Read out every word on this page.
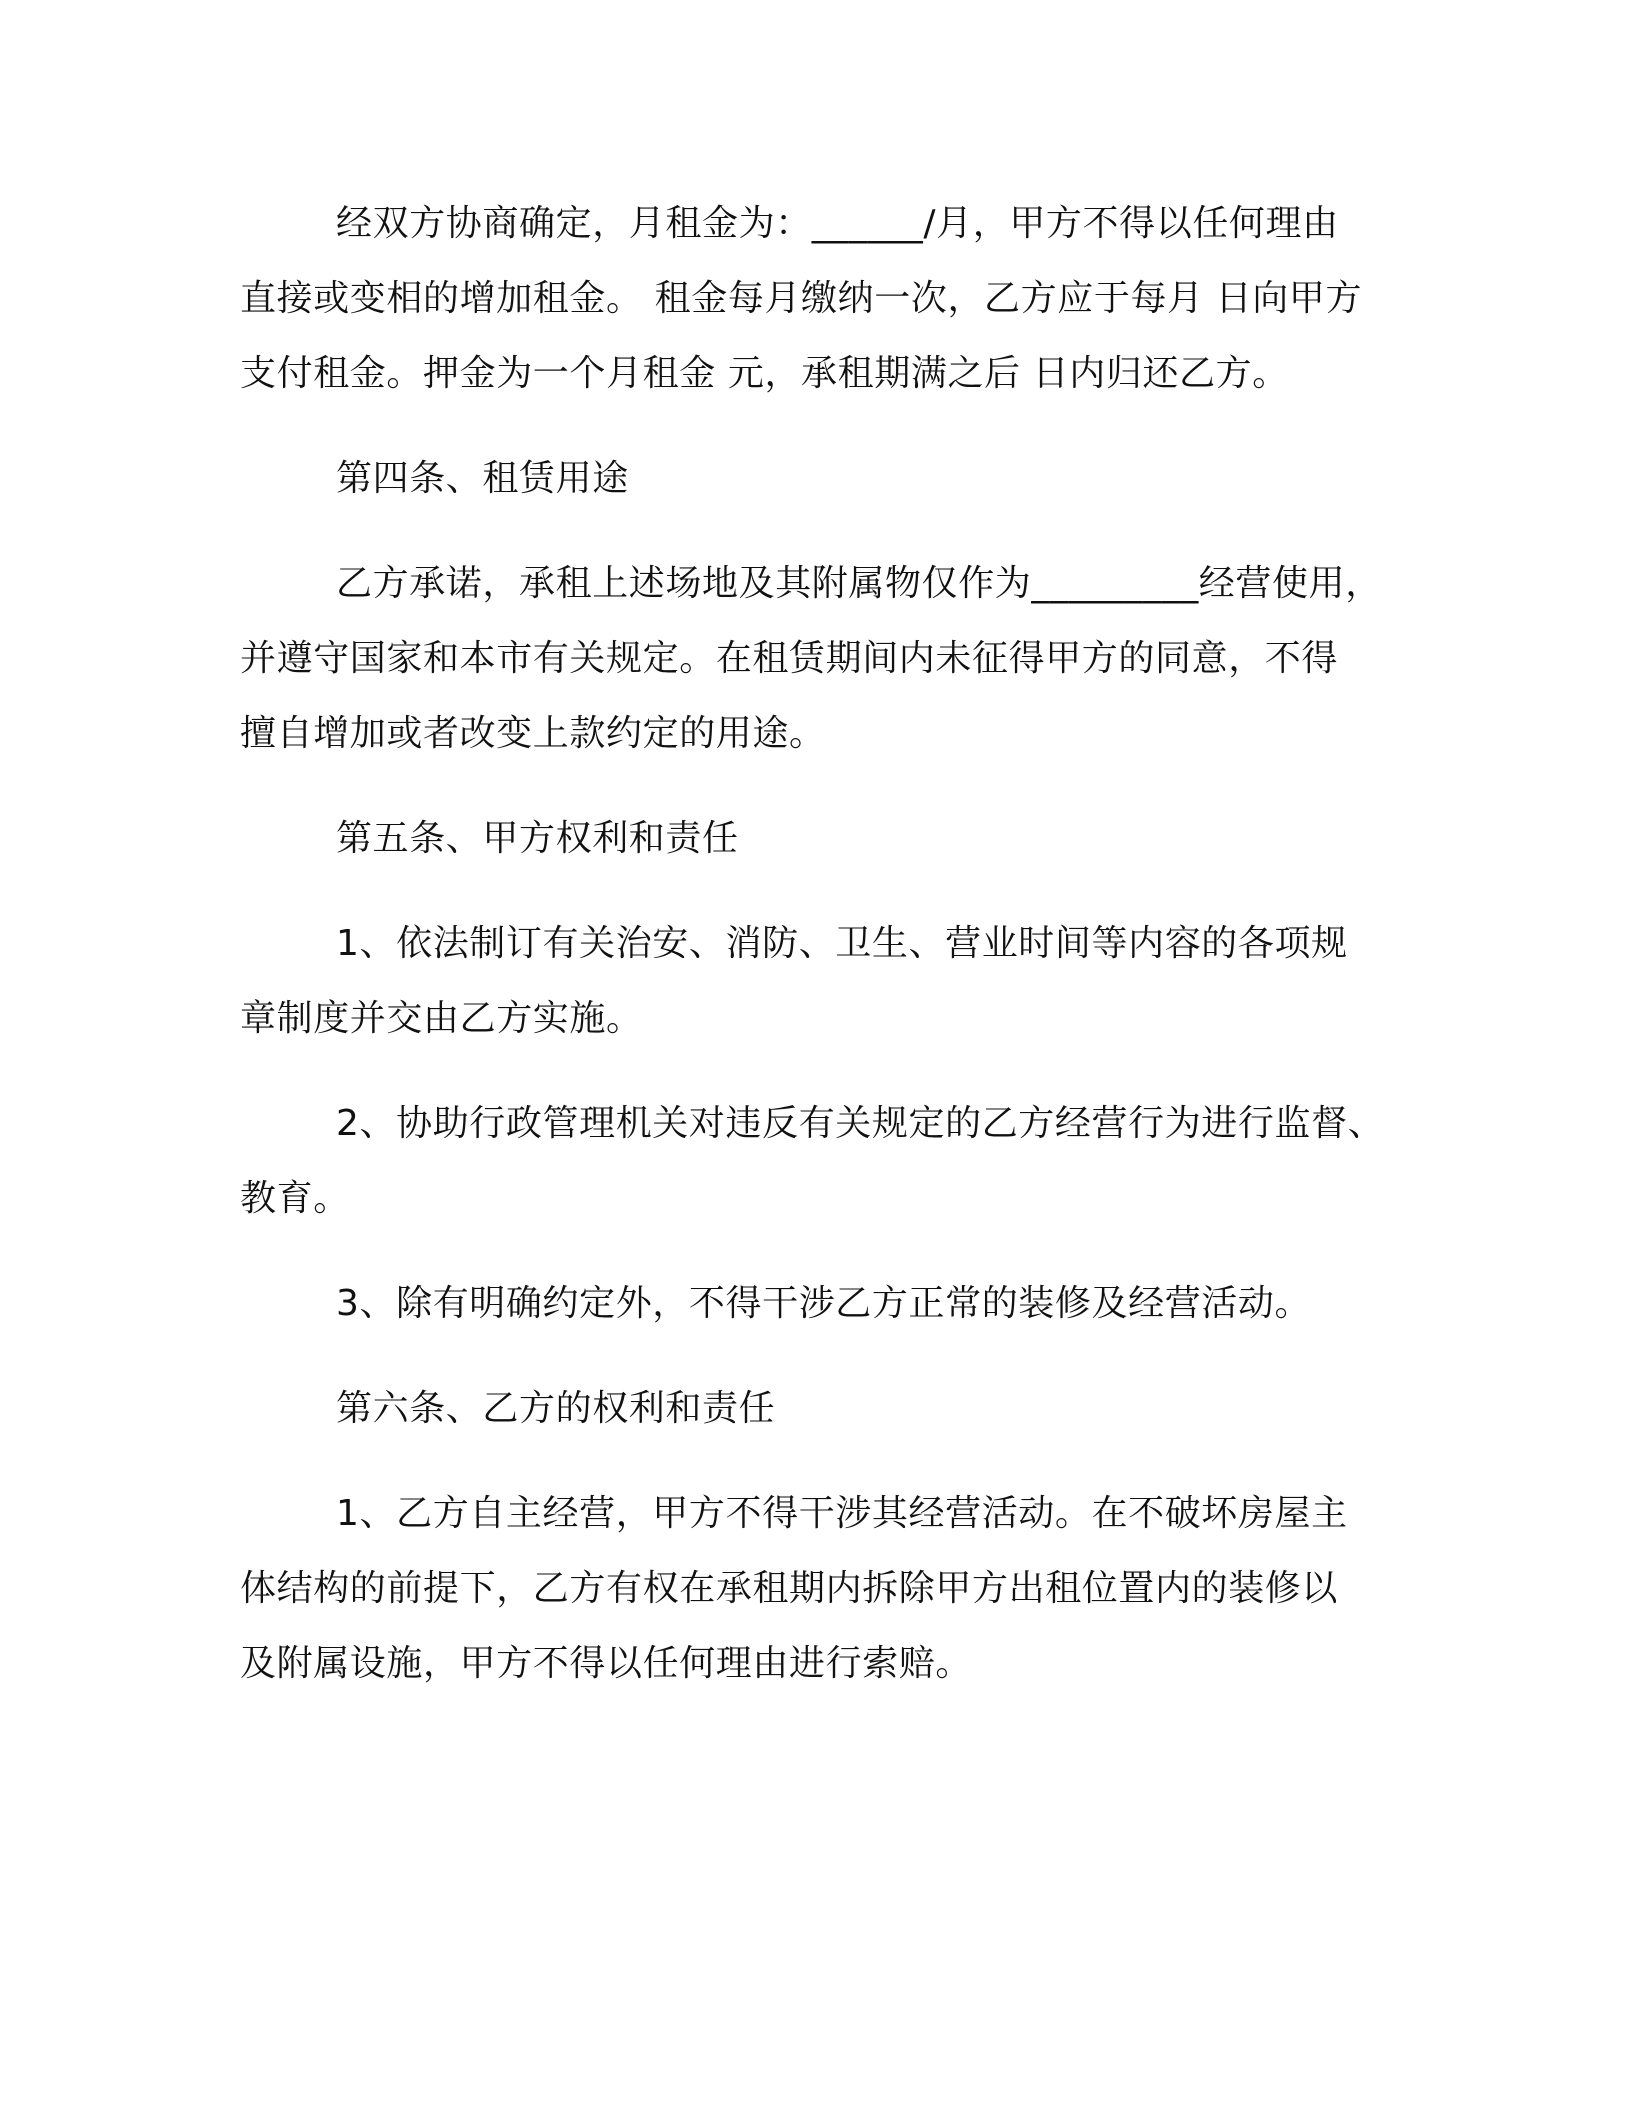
经双方协商确定，月租金为：______/月，甲方不得以任何理由
直接或变相的增加租金。 租金每月缴纳一次，乙方应于每月 日向甲方
支付租金。押金为一个月租金 元，承租期满之后 日内归还乙方。

第四条、租赁用途

乙方承诺，承租上述场地及其附属物仅作为_________经营使用，
并遵守国家和本市有关规定。在租赁期间内未征得甲方的同意，不得
擅自增加或者改变上款约定的用途。

第五条、甲方权利和责任

1、依法制订有关治安、消防、卫生、营业时间等内容的各项规
章制度并交由乙方实施。

2、协助行政管理机关对违反有关规定的乙方经营行为进行监督、
教育。

3、除有明确约定外，不得干涉乙方正常的装修及经营活动。

第六条、乙方的权利和责任

1、乙方自主经营，甲方不得干涉其经营活动。在不破坏房屋主
体结构的前提下，乙方有权在承租期内拆除甲方出租位置内的装修以
及附属设施，甲方不得以任何理由进行索赔。
